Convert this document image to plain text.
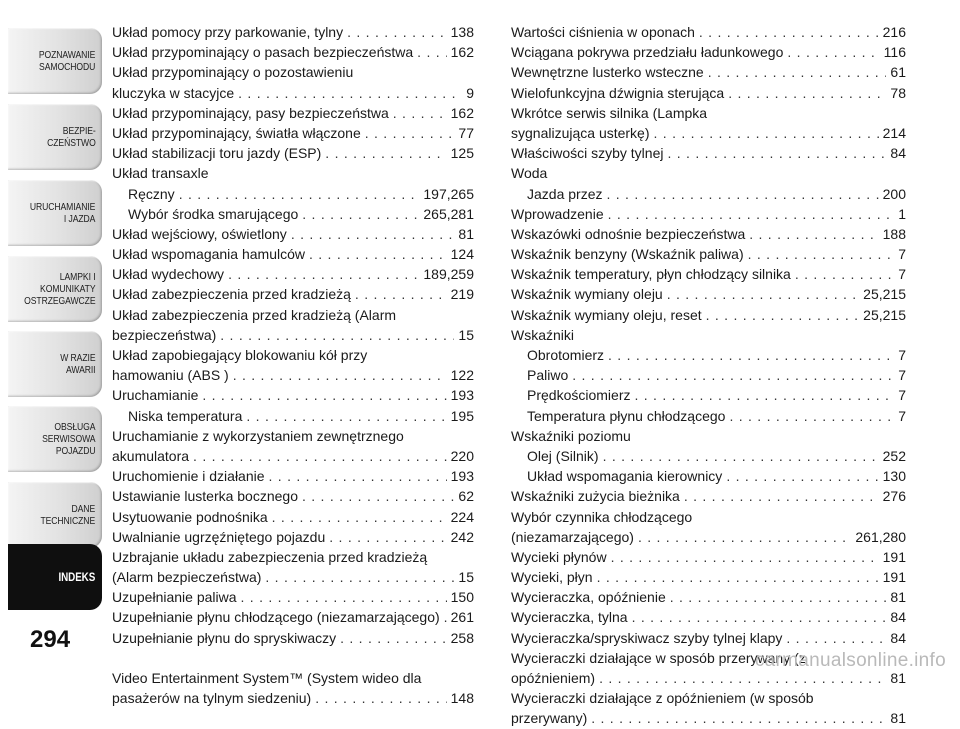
POZNAWANIE
SAMOCHODU
BEZPIE-
CZEŃSTWO
URUCHAMIANIE
I JAZDA
LAMPKI I
KOMUNIKATY
OSTRZEGAWCZE
W RAZIE
AWARII
OBSŁUGA
SERWISOWA
POJAZDU
DANE
TECHNICZNE
INDEKS
294
Układ pomocy przy parkowanie, tylny . . .	138
Układ przypominający o pasach bezpieczeństwa . . .	162
Układ przypominający o pozostawieniu
kluczyka w stacyjce . . .	9
Układ przypominający, pasy bezpieczeństwa . . .	162
Układ przypominający, światła włączone . . .	77
Układ stabilizacji toru jazdy (ESP) . . .	125
Układ transaxle
Ręczny . . .	197,265
Wybór środka smarującego . . .	265,281
Układ wejściowy, oświetlony . . .	81
Układ wspomagania hamulców . . .	124
Układ wydechowy . . .	189,259
Układ zabezpieczenia przed kradzieżą . . .	219
Układ zabezpieczenia przed kradzieżą (Alarm
bezpieczeństwa) . . .	15
Układ zapobiegający blokowaniu kół przy
hamowaniu (ABS ) . . .	122
Uruchamianie . . .	193
Niska temperatura . . .	195
Uruchamianie z wykorzystaniem zewnętrznego
akumulatora . . .	220
Uruchomienie i działanie . . .	193
Ustawianie lusterka bocznego . . .	62
Usytuowanie podnośnika . . .	224
Uwalnianie ugrzęźniętego pojazdu . . .	242
Uzbrajanie układu zabezpieczenia przed kradzieżą
(Alarm bezpieczeństwa) . . .	15
Uzupełnianie paliwa . . .	150
Uzupełnianie płynu chłodzącego (niezamarzającego) . . . 261
Uzupełnianie płynu do spryskiwaczy . . .	258
Video Entertainment System™ (System wideo dla
pasażerów na tylnym siedzeniu) . . .	148
Wartości ciśnienia w oponach . . .	216
Wciągana pokrywa przedziału ładunkowego . . .	116
Wewnętrzne lusterko wsteczne . . .	61
Wielofunkcyjna dźwignia sterująca . . .	78
Wkrótce serwis silnika (Lampka
sygnalizująca usterkę) . . .	214
Właściwości szyby tylnej . . .	84
Woda
Jazda przez . . .	200
Wprowadzenie . . .	1
Wskazówki odnośnie bezpieczeństwa . . .	188
Wskaźnik benzyny (Wskaźnik paliwa) . . .	7
Wskaźnik temperatury, płyn chłodzący silnika . . .	7
Wskaźnik wymiany oleju . . .	25,215
Wskaźnik wymiany oleju, reset . . .	25,215
Wskaźniki
Obrotomierz . . .	7
Paliwo . . .	7
Prędkościomierz . . .	7
Temperatura płynu chłodzącego . . .	7
Wskaźniki poziomu
Olej (Silnik) . . .	252
Układ wspomagania kierownicy . . .	130
Wskaźniki zużycia bieżnika . . .	276
Wybór czynnika chłodzącego
(niezamarzającego) . . .	261,280
Wycieki płynów . . .	191
Wycieki, płyn . . .	191
Wycieraczka, opóźnienie . . .	81
Wycieraczka, tylna . . .	84
Wycieraczka/spryskiwacz szyby tylnej klapy . . .	84
Wycieraczki działające w sposób przerywany (z
opóźnieniem) . . .	81
Wycieraczki działające z opóźnieniem (w sposób
przerywany) . . .	81
carmanualsonline.info
